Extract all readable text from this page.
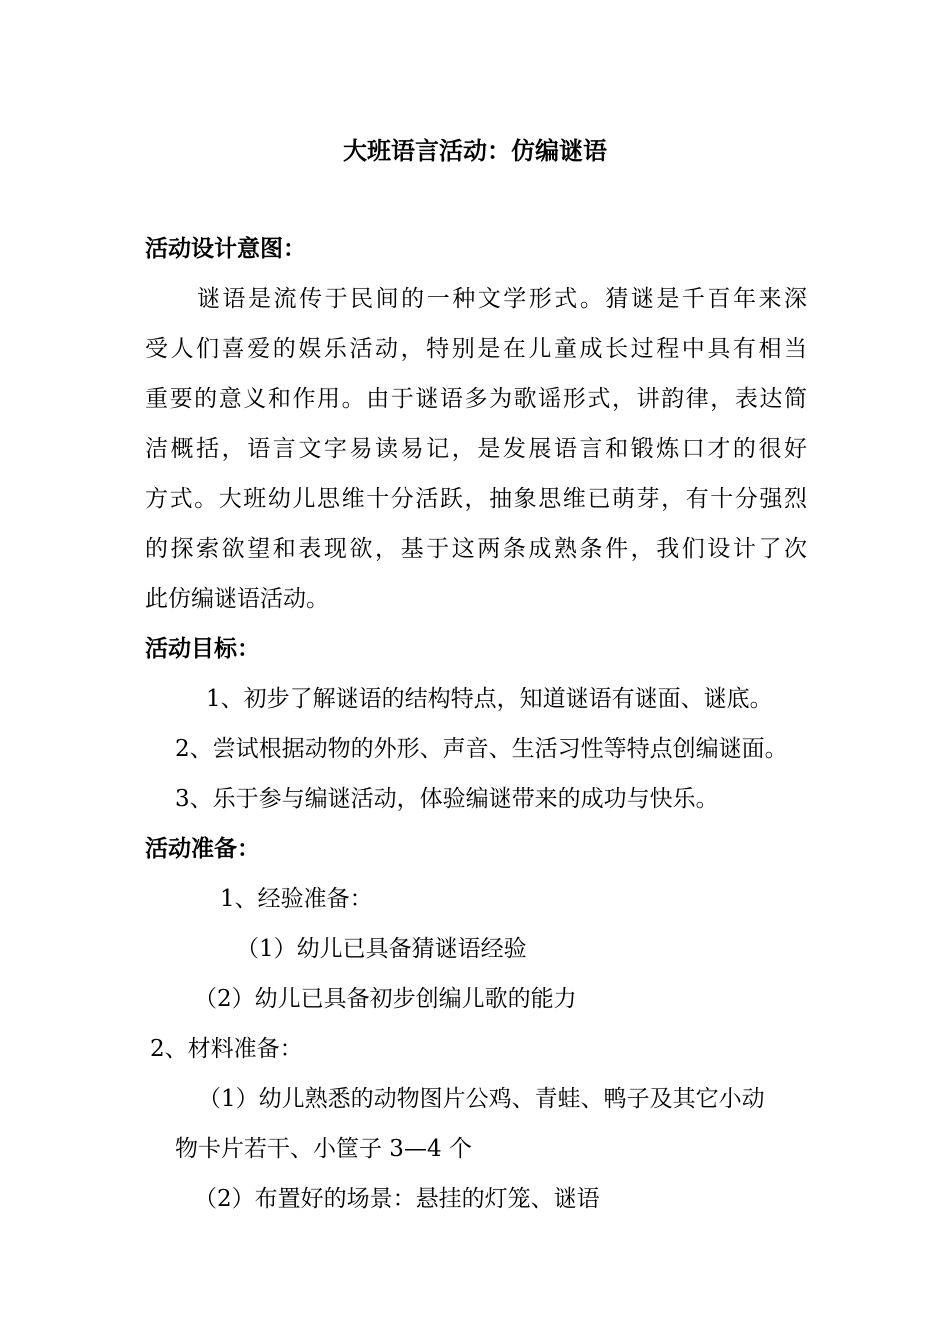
大班语言活动：仿编谜语
活动设计意图：
谜语是流传于民间的一种文学形式。猜谜是千百年来深
受人们喜爱的娱乐活动，特别是在儿童成长过程中具有相当
重要的意义和作用。由于谜语多为歌谣形式，讲韵律，表达简
洁概括，语言文字易读易记，是发展语言和锻炼口才的很好
方式。大班幼儿思维十分活跃，抽象思维已萌芽，有十分强烈
的探索欲望和表现欲，基于这两条成熟条件，我们设计了次
此仿编谜语活动。
活动目标：
1、初步了解谜语的结构特点，知道谜语有谜面、谜底。
2、尝试根据动物的外形、声音、生活习性等特点创编谜面。
3、乐于参与编谜活动，体验编谜带来的成功与快乐。
活动准备：
1、经验准备：
（1）幼儿已具备猜谜语经验
（2）幼儿已具备初步创编儿歌的能力
2、材料准备：
（1）幼儿熟悉的动物图片公鸡、青蛙、鸭子及其它小动
物卡片若干、小筐子 3—4 个
（2）布置好的场景：悬挂的灯笼、谜语
